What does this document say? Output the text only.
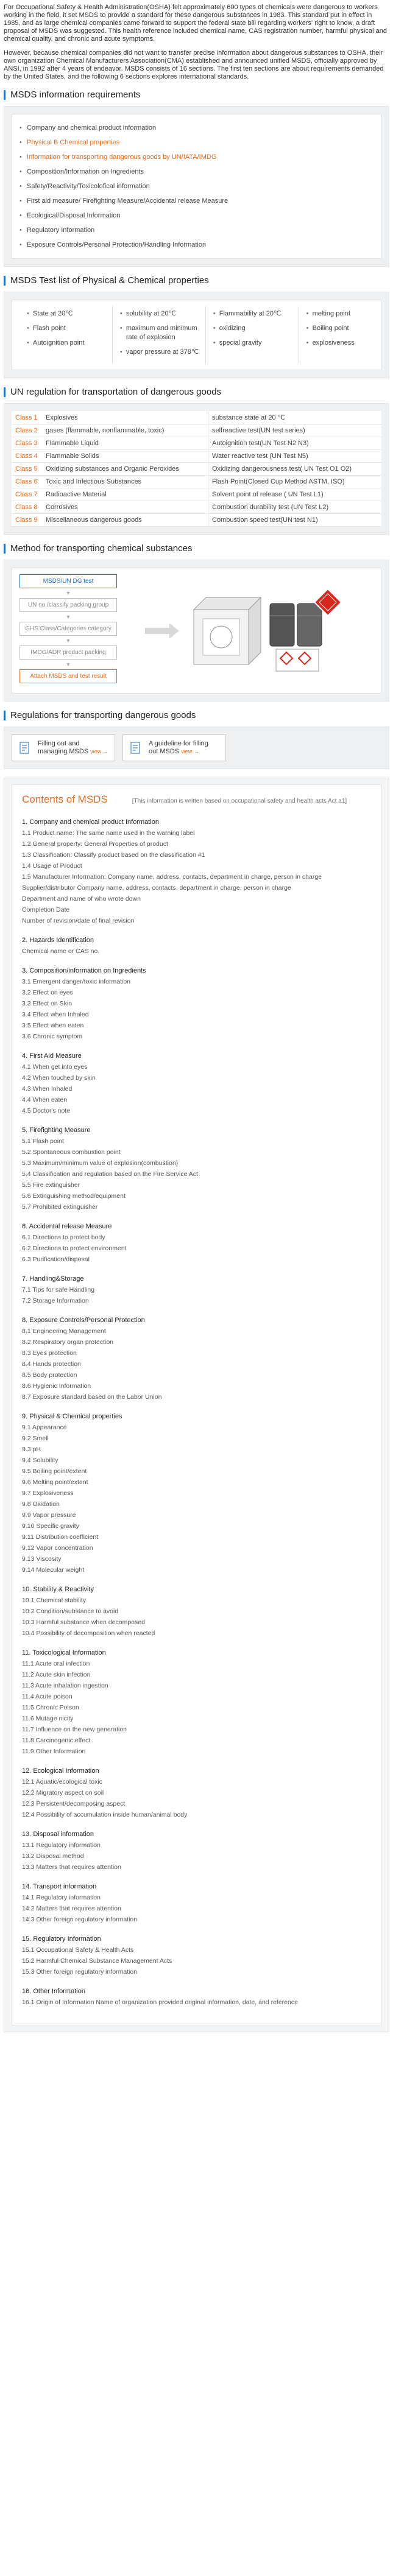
For Occupational Safety & Health Administration(OSHA) felt approximately 600 types of chemicals were dangerous to workers working in the field, it set MSDS to provide a standard for these dangerous substances in 1983. This standard put in effect in 1985, and as large chemical companies came forward to support the federal state bill regarding workers' right to know, a draft proposal of MSDS was suggested. This health reference included chemical name, CAS registration number, harmful physical and chemical quality, and chronic and acute symptoms.

However, because chemical companies did not want to transfer precise information about dangerous substances to OSHA, their own organization Chemical Manufacturers Association(CMA) established and announced unified MSDS, officially approved by ANSI, in 1992 after 4 years of endeavor. MSDS consists of 16 sections. The first ten sections are about requirements demanded by the United States, and the following 6 sections explores international standards.

MSDS information requirements
• Company and chemical product information
• Physical B Chemical properties
• Information for transporting dangerous goods by UN/IATA/IMDG
• Composition/Information on Ingredients
• Safety/Reactivity/Toxicolofical information
• First aid measure/ Firefighting Measure/Accidental release Measure
• Ecological/Disposal Information
• Regulatory Information
• Exposure Controls/Personal Protection/Handling Information
MSDS Test list of Physical & Chemical properties
• State at 20℃
• Flash point
• Autoignition point
• solubility at 20℃
• maximum and minimum rate of explosion
• vapor pressure at 378℃
• Flammability at 20℃
• oxidizing
• special gravity
• melting point
• Boiling point
• explosiveness
UN regulation for transportation of dangerous goods
Class 1	Explosives	substance state at 20 ℃
Class 2	gases (flammable, nonflammable, toxic)	selfreactive test(UN test series)
Class 3	Flammable Liquid	Autoignition test(UN Test N2 N3)
Class 4	Flammable Solids	Water reactive test (UN Test N5)
Class 5	Oxidizing substances and Organic Peroxides	Oxidizing dangerousness test( UN Test O1 O2)
Class 6	Toxic and Infectious Substances	Flash Point(Closed Cup Method ASTM, ISO)
Class 7	Radioactive Material	Solvent point of release ( UN Test L1)
Class 8	Corrosives	Combustion durability test (UN Test L2)
Class 9	Miscellaneous dangerous goods	Combustion speed test(UN test N1)
Method for transporting chemical substances
MSDS/UN DG test
▼
UN no./classify packing group
▼
GHS Class/Categories category
▼
IMDG/ADR product packing
▼
Attach MSDS and test result
Regulations for transporting dangerous goods
Filling out and managing MSDS view →
A guideline for filling out MSDS view →
Contents of MSDS	[This information is written based on occupational safety and health acts Act a1]
1. Company and chemical product Information
1.1 Product name: The same name used in the warning label
1.2 General property: General Properties of product
1.3 Classification: Classify product based on the classification #1
1.4 Usage of Product
1.5 Manufacturer Information: Company name, address, contacts, department in charge, person in charge
Supplier/distributor Company name, address, contacts, department in charge, person in charge
Department and name of who wrote down
Completion Date
Number of revision/date of final revision
2. Hazards Identification
Chemical name or CAS no.
3. Composition/information on Ingredients
3.1 Emergent danger/toxic information
3.2 Effect on eyes
3.3 Effect on Skin
3.4 Effect when Inhaled
3.5 Effect when eaten
3.6 Chronic symptom
4. First Aid Measure
4.1 When get into eyes
4.2 When touched by skin
4.3 When Inhaled
4.4 When eaten
4.5 Doctor's note
5. Firefighting Measure
5.1 Flash point
5.2 Spontaneous combustion point
5.3 Maximum/minimum value of explosion(combustion)
5.4 Classification and regulation based on the Fire Service Act
5.5 Fire extinguisher
5.6 Extinguishing method/equipment
5.7 Prohibited extinguisher
6. Accidental release Measure
6.1 Directions to protect body
6.2 Directions to protect environment
6.3 Purification/disposal
7. Handling&Storage
7.1 Tips for safe Handling
7.2 Storage Information
8. Exposure Controls/Personal Protection
8.1 Engineering Management
8.2 Respiratory organ protection
8.3 Eyes protection
8.4 Hands protection
8.5 Body protection
8.6 Hygienic Information
8.7 Exposure standard based on the Labor Union
9. Physical & Chemical properties
9.1 Appearance
9.2 Smell
9.3 pH
9.4 Solubility
9.5 Boiling point/extent
9.6 Melting point/extent
9.7 Explosiveness
9.8 Oxidation
9.9 Vapor pressure
9.10 Specific gravity
9.11 Distribution coefficient
9.12 Vapor concentration
9.13 Viscosity
9.14 Molecular weight
10. Stability & Reactivity
10.1 Chemical stability
10.2 Condition/substance to avoid
10.3 Harmful substance when decomposed
10.4 Possibility of decomposition when reacted
11. Toxicological Information
11.1 Acute oral infection
11.2 Acute skin infection
11.3 Acute inhalation ingestion
11.4 Acute poison
11.5 Chronic Poison
11.6 Mutage nicity
11.7 Influence on the new generation
11.8 Carcinogenic effect
11.9 Other Information
12. Ecological Information
12.1 Aquatic/ecological toxic
12.2 Migratory aspect on soil
12.3 Persistent/decomposing aspect
12.4 Possibility of accumulation inside human/animal body
13. Disposal information
13.1 Regulatory information
13.2 Disposal method
13.3 Matters that requires attention
14. Transport information
14.1 Regulatory information
14.2 Matters that requires attention
14.3 Other foreign regulatory information
15. Regulatory Information
15.1 Occupational Safety & Health Acts
15.2 Harmful Chemical Substance Management Acts
15.3 Other foreign regulatory information
16. Other Information
16.1 Origin of Information Name of organization provided original information, date, and reference
